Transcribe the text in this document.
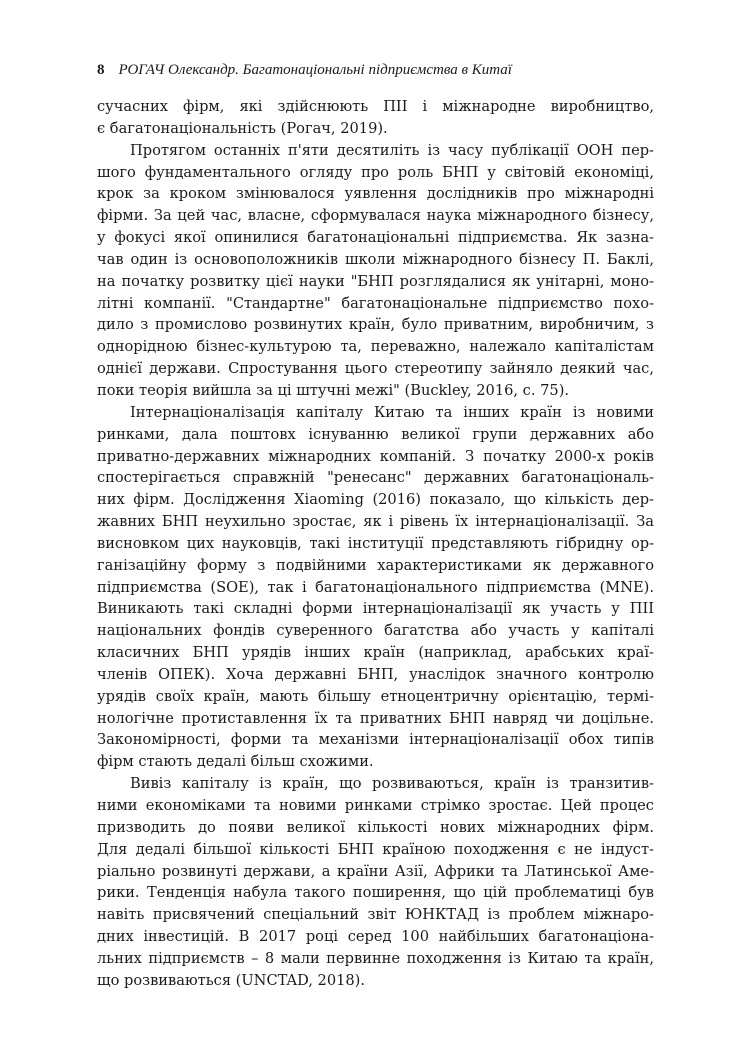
8 РОГАЧ Олександр. Багатонаціональні підприємства в Китаї

сучасних фірм, які здійснюють ПІІ і міжнародне виробництво,
є багатонаціональність (Рогач, 2019).

Протягом останніх п'яти десятиліть із часу публікації ООН пер-
шого фундаментального огляду про роль БНП у світовій економіці,
крок за кроком змінювалося уявлення дослідників про міжнародні
фірми. За цей час, власне, сформувалася наука міжнародного бізнесу,
у фокусі якої опинилися багатонаціональні підприємства. Як зазна-
чав один із основоположників школи міжнародного бізнесу П. Баклі,
на початку розвитку цієї науки "БНП розглядалися як унітарні, моно-
літні компанії. "Стандартне" багатонаціональне підприємство похо-
дило з промислово розвинутих країн, було приватним, виробничим, з
однорідною бізнес-культурою та, переважно, належало капіталістам
однієї держави. Спростування цього стереотипу зайняло деякий час,
поки теорія вийшла за ці штучні межі" (Buckley, 2016, с. 75).

Інтернаціоналізація капіталу Китаю та інших країн із новими
ринками, дала поштовх існуванню великої групи державних або
приватно-державних міжнародних компаній. З початку 2000-х років
спостерігається справжній "ренесанс" державних багатонаціональ-
них фірм. Дослідження Xiaoming (2016) показало, що кількість дер-
жавних БНП неухильно зростає, як і рівень їх інтернаціоналізації. За
висновком цих науковців, такі інституції представляють гібридну ор-
ганізаційну форму з подвійними характеристиками як державного
підприємства (SOE), так і багатонаціонального підприємства (MNE).
Виникають такі складні форми інтернаціоналізації як участь у ПІІ
національних фондів суверенного багатства або участь у капіталі
класичних БНП урядів інших країн (наприклад, арабських краї-
членів ОПЕК). Хоча державні БНП, унаслідок значного контролю
урядів своїх країн, мають більшу етноцентричну орієнтацію, термі-
нологічне протиставлення їх та приватних БНП навряд чи доцільне.
Закономірності, форми та механізми інтернаціоналізації обох типів
фірм стають дедалі більш схожими.

Вивіз капіталу із країн, що розвиваються, країн із транзитив-
ними економіками та новими ринками стрімко зростає. Цей процес
призводить до появи великої кількості нових міжнародних фірм.
Для дедалі більшої кількості БНП країною походження є не індуст-
ріально розвинуті держави, а країни Азії, Африки та Латинської Аме-
рики. Тенденція набула такого поширення, що цій проблематиці був
навіть присвячений спеціальний звіт ЮНКТАД із проблем міжнаро-
дних інвестицій. В 2017 році серед 100 найбільших багатонаціона-
льних підприємств – 8 мали первинне походження із Китаю та країн,
що розвиваються (UNCTAD, 2018).
